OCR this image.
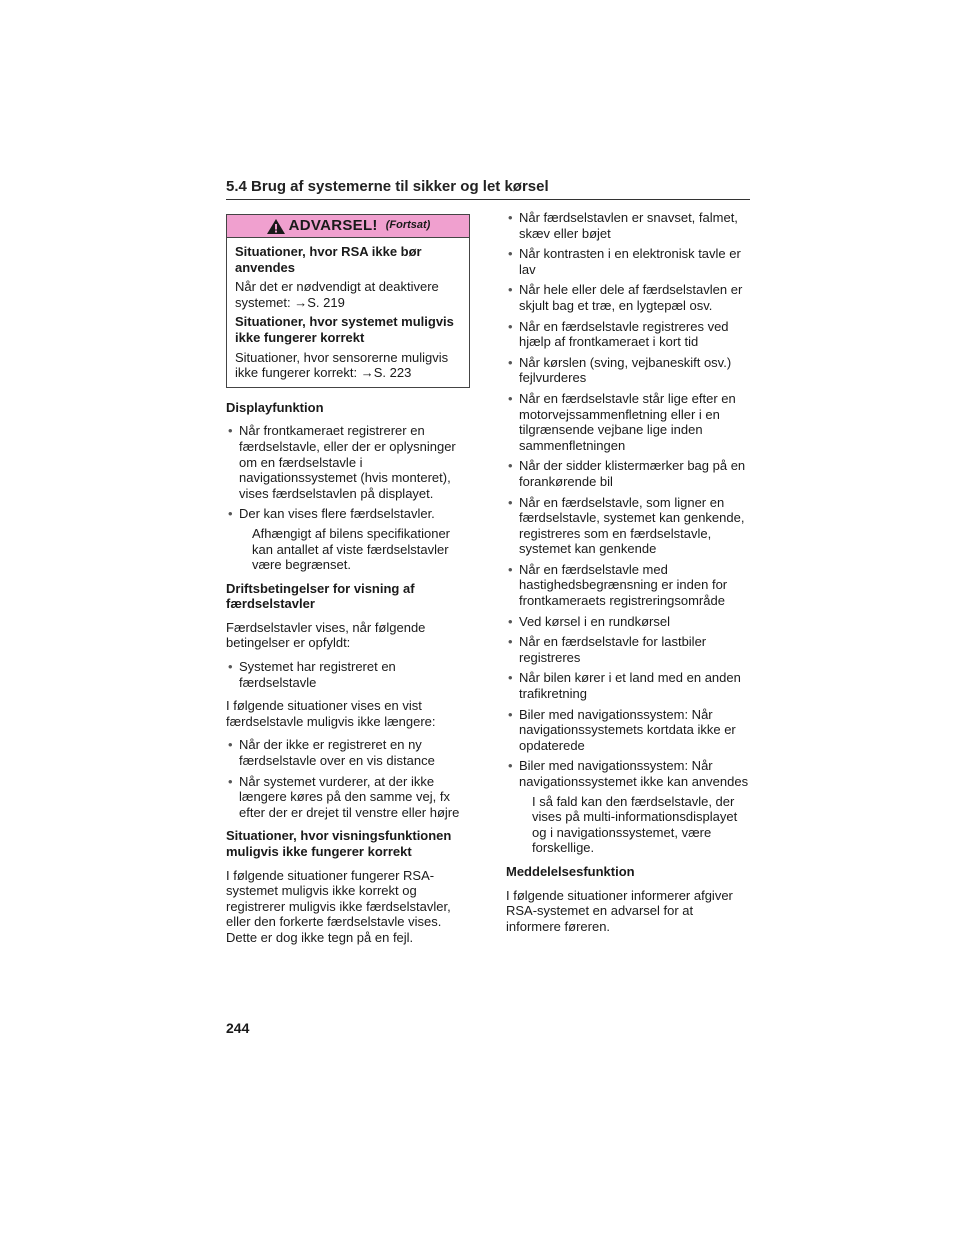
5.4 Brug af systemerne til sikker og let kørsel
ADVARSEL! (Fortsat)

Situationer, hvor RSA ikke bør anvendes

Når det er nødvendigt at deaktivere systemet: →S. 219

Situationer, hvor systemet muligvis ikke fungerer korrekt

Situationer, hvor sensorerne muligvis ikke fungerer korrekt: →S. 223

Displayfunktion
• Når frontkameraet registrerer en færdselstavle, eller der er oplysninger om en færdselstavle i navigationssystemet (hvis monteret), vises færdselstavlen på displayet.
• Der kan vises flere færdselstavler.
Afhængigt af bilens specifikationer kan antallet af viste færdselstavler være begrænset.
Driftsbetingelser for visning af færdselstavler

Færdselstavler vises, når følgende betingelser er opfyldt:

• Systemet har registreret en færdselstavle

I følgende situationer vises en vist færdselstavle muligvis ikke længere:

• Når der ikke er registreret en ny færdselstavle over en vis distance
• Når systemet vurderer, at der ikke længere køres på den samme vej, fx efter der er drejet til venstre eller højre
Situationer, hvor visningsfunktionen muligvis ikke fungerer korrekt

I følgende situationer fungerer RSA-systemet muligvis ikke korrekt og registrerer muligvis ikke færdselstavler, eller den forkerte færdselstavle vises. Dette er dog ikke tegn på en fejl.

• Når færdselstavlen er snavset, falmet, skæv eller bøjet
• Når kontrasten i en elektronisk tavle er lav
• Når hele eller dele af færdselstavlen er skjult bag et træ, en lygtepæl osv.
• Når en færdselstavle registreres ved hjælp af frontkameraet i kort tid
• Når kørslen (sving, vejbaneskift osv.) fejlvurderes
• Når en færdselstavle står lige efter en motorvejssammenfletning eller i en tilgrænsende vejbane lige inden sammenfletningen
• Når der sidder klistermærker bag på en forankørende bil
• Når en færdselstavle, som ligner en færdselstavle, systemet kan genkende, registreres som en færdselstavle, systemet kan genkende
• Når en færdselstavle med hastighedsbegrænsning er inden for frontkameraets registreringsområde
• Ved kørsel i en rundkørsel
• Når en færdselstavle for lastbiler registreres
• Når bilen kører i et land med en anden trafikretning
• Biler med navigationssystem: Når navigationssystemets kortdata ikke er opdaterede
• Biler med navigationssystem: Når navigationssystemet ikke kan anvendes
I så fald kan den færdselstavle, der vises på multi-informationsdisplayet og i navigationssystemet, være forskellige.
Meddelelsesfunktion

I følgende situationer informerer afgiver RSA-systemet en advarsel for at informere føreren.

244
